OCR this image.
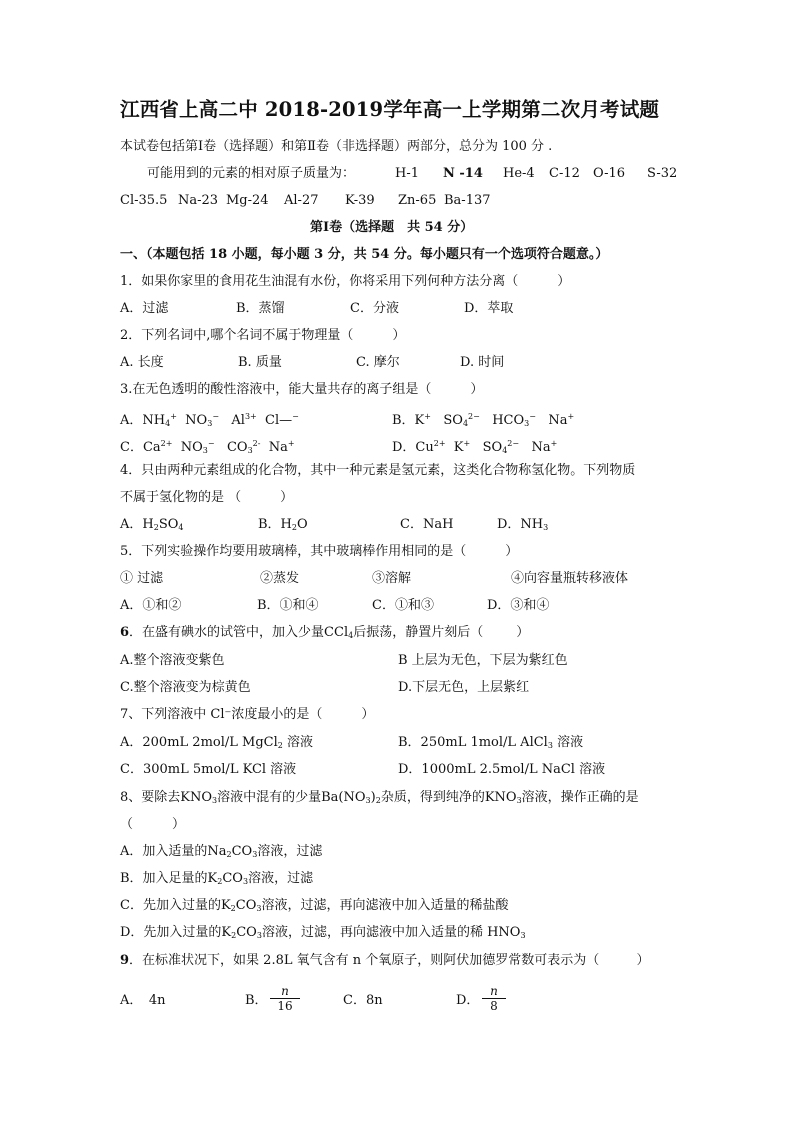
江西省上高二中 2018-2019学年高一上学期第二次月考试题
本试卷包括第Ⅰ卷（选择题）和第Ⅱ卷（非选择题）两部分，总分为 100 分 .
可能用到的元素的相对原子质量为：	H-1 N -14 He-4 C-12 O-16 S-32
Cl-35.5 Na-23 Mg-24 Al-27 K-39 Zn-65 Ba-137
第Ⅰ卷（选择题　共 54 分）
一、（本题包括 18 小题，每小题 3 分，共 54 分。每小题只有一个选项符合题意。）
1．如果你家里的食用花生油混有水份，你将采用下列何种方法分离（　　　）
A．过滤	B．蒸馏	C．分液	D．萃取
2．下列名词中,哪个名词不属于物理量（　　　）
A. 长度	B. 质量	C. 摩尔	D. 时间
3.在无色透明的酸性溶液中，能大量共存的离子组是（　　　）
A．$NH_4^+$  $NO_3^-$   $Al^{3+}$  Cl—−	B．K+   $SO_4^{2-}$   $HCO_3^-$   Na+
C．$Ca^{2+}$  $NO_3^-$   $CO_3^{2-}$  Na+	D．$Cu^{2+}$  K+   $SO_4^{2-}$   Na+
4．只由两种元素组成的化合物，其中一种元素是氢元素，这类化合物称氢化物。下列物质
不属于氢化物的是 （　　　）
A．$H_2SO_4$	B．$H_2O$	C．NaH	D．$NH_3$
5．下列实验操作均要用玻璃棒，其中玻璃棒作用相同的是（　　　）
① 过滤	②蒸发	③溶解	④向容量瓶转移液体
A．①和②	B．①和④	C．①和③	D．③和④
6．在盛有碘水的试管中，加入少量CCl$_4$后振荡，静置片刻后（        ）
A.整个溶液变紫色	B 上层为无色，下层为紫红色
C.整个溶液变为棕黄色	D.下层无色，上层紫红
7、下列溶液中 Cl⁻浓度最小的是（　　　）
A．200mL 2mol/L MgCl$_2$ 溶液	B．250mL 1mol/L AlCl$_3$ 溶液
C．300mL 5mol/L KCl 溶液	D．1000mL 2.5mol/L NaCl 溶液
8、要除去$KNO_3$溶液中混有的少量$Ba(NO_3)_2$杂质，得到纯净的$KNO_3$溶液，操作正确的是
（　　　）
A．加入适量的$Na_2CO_3$溶液，过滤
B．加入足量的$K_2CO_3$溶液，过滤
C．先加入过量的$K_2CO_3$溶液，过滤，再向滤液中加入适量的稀盐酸
D．先加入过量的$K_2CO_3$溶液，过滤，再向滤液中加入适量的稀 $HNO_3$
9．在标准状况下，如果 2.8L 氧气含有 n 个氧原子，则阿伏加德罗常数可表示为（         ）
A．　4n	B． $\frac{n}{16}$	C．8n	D． $\frac{n}{8}$
